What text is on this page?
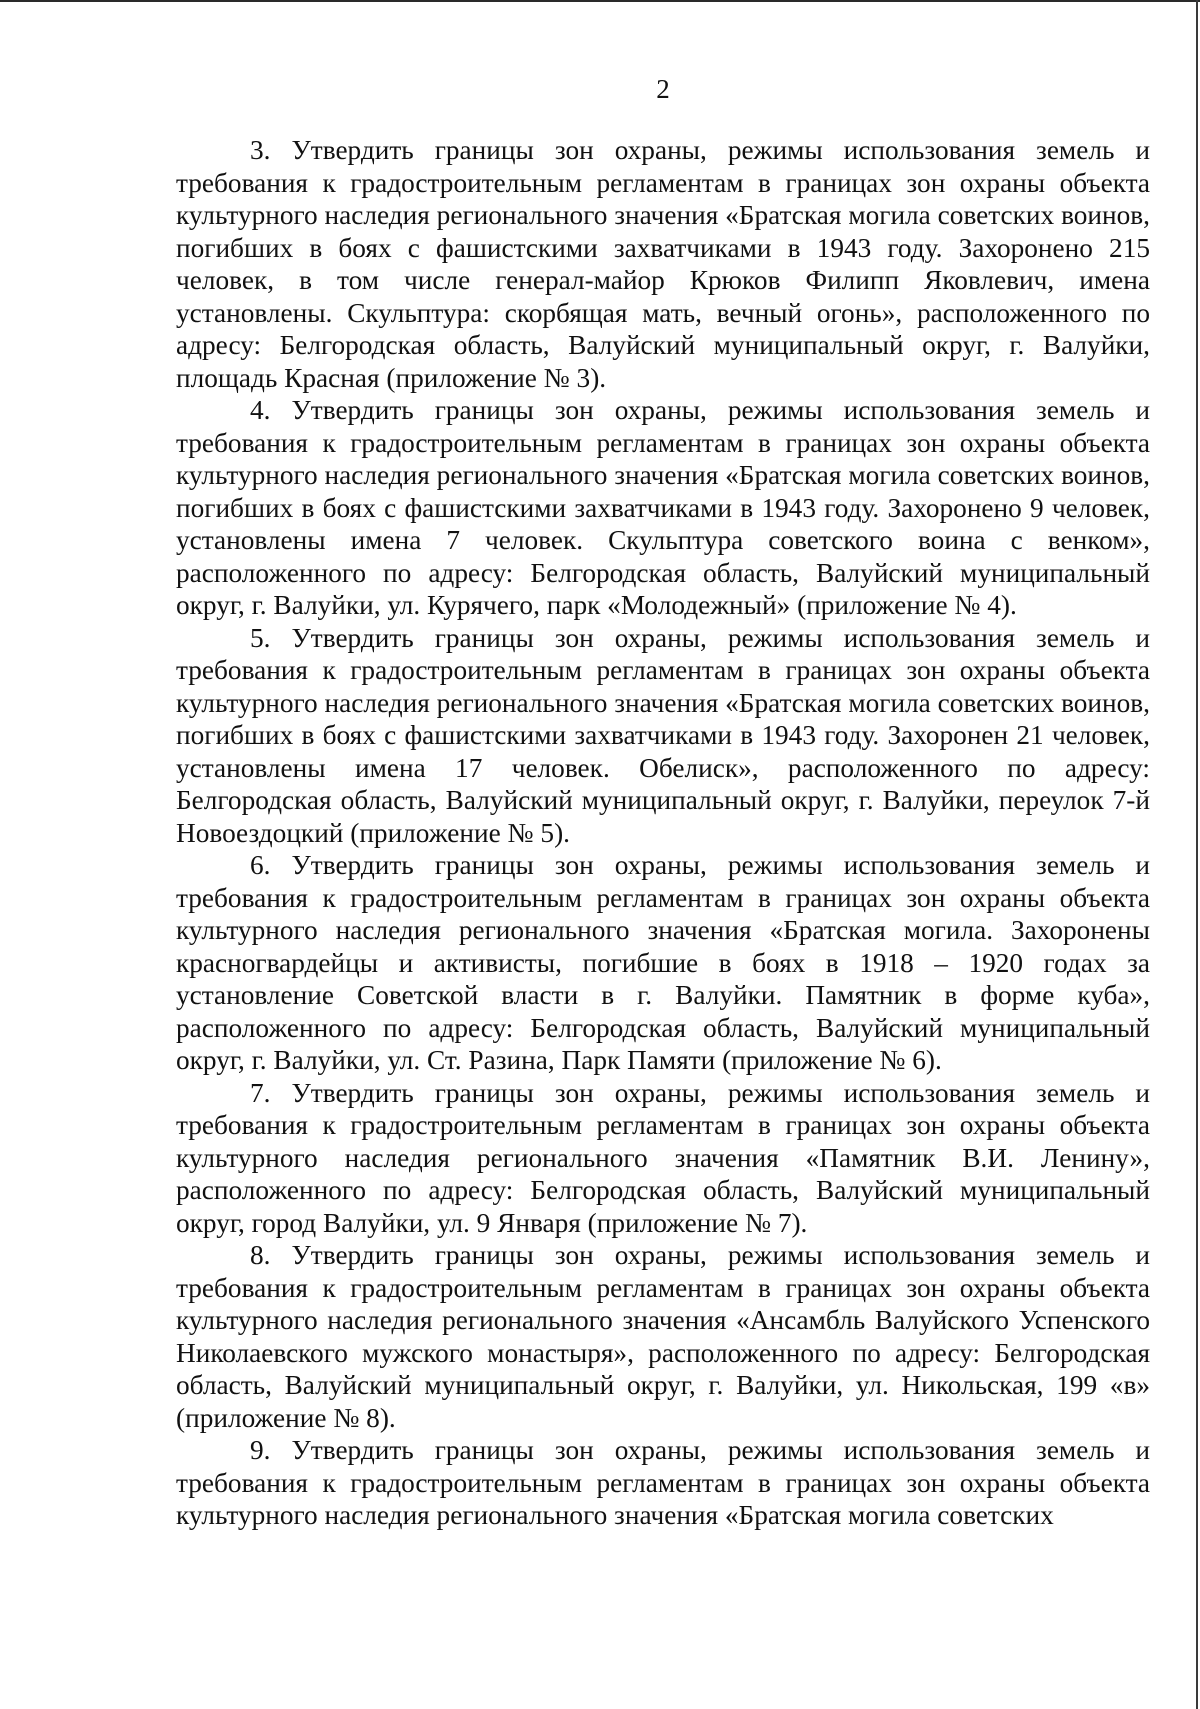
2

3. Утвердить границы зон охраны, режимы использования земель и требования к градостроительным регламентам в границах зон охраны объекта культурного наследия регионального значения «Братская могила советских воинов, погибших в боях с фашистскими захватчиками в 1943 году. Захоронено 215 человек, в том числе генерал-майор Крюков Филипп Яковлевич, имена установлены. Скульптура: скорбящая мать, вечный огонь», расположенного по адресу: Белгородская область, Валуйский муниципальный округ, г. Валуйки, площадь Красная (приложение № 3).

4. Утвердить границы зон охраны, режимы использования земель и требования к градостроительным регламентам в границах зон охраны объекта культурного наследия регионального значения «Братская могила советских воинов, погибших в боях с фашистскими захватчиками в 1943 году. Захоронено 9 человек, установлены имена 7 человек. Скульптура советского воина с венком», расположенного по адресу: Белгородская область, Валуйский муниципальный округ, г. Валуйки, ул. Курячего, парк «Молодежный» (приложение № 4).

5. Утвердить границы зон охраны, режимы использования земель и требования к градостроительным регламентам в границах зон охраны объекта культурного наследия регионального значения «Братская могила советских воинов, погибших в боях с фашистскими захватчиками в 1943 году. Захоронен 21 человек, установлены имена 17 человек. Обелиск», расположенного по адресу: Белгородская область, Валуйский муниципальный округ, г. Валуйки, переулок 7-й Новоездоцкий (приложение № 5).

6. Утвердить границы зон охраны, режимы использования земель и требования к градостроительным регламентам в границах зон охраны объекта культурного наследия регионального значения «Братская могила. Захоронены красногвардейцы и активисты, погибшие в боях в 1918 – 1920 годах за установление Советской власти в г. Валуйки. Памятник в форме куба», расположенного по адресу: Белгородская область, Валуйский муниципальный округ, г. Валуйки, ул. Ст. Разина, Парк Памяти (приложение № 6).

7. Утвердить границы зон охраны, режимы использования земель и требования к градостроительным регламентам в границах зон охраны объекта культурного наследия регионального значения «Памятник В.И. Ленину», расположенного по адресу: Белгородская область, Валуйский муниципальный округ, город Валуйки, ул. 9 Января (приложение № 7).

8. Утвердить границы зон охраны, режимы использования земель и требования к градостроительным регламентам в границах зон охраны объекта культурного наследия регионального значения «Ансамбль Валуйского Успенского Николаевского мужского монастыря», расположенного по адресу: Белгородская область, Валуйский муниципальный округ, г. Валуйки, ул. Никольская, 199 «в» (приложение № 8).

9. Утвердить границы зон охраны, режимы использования земель и требования к градостроительным регламентам в границах зон охраны объекта культурного наследия регионального значения «Братская могила советских
